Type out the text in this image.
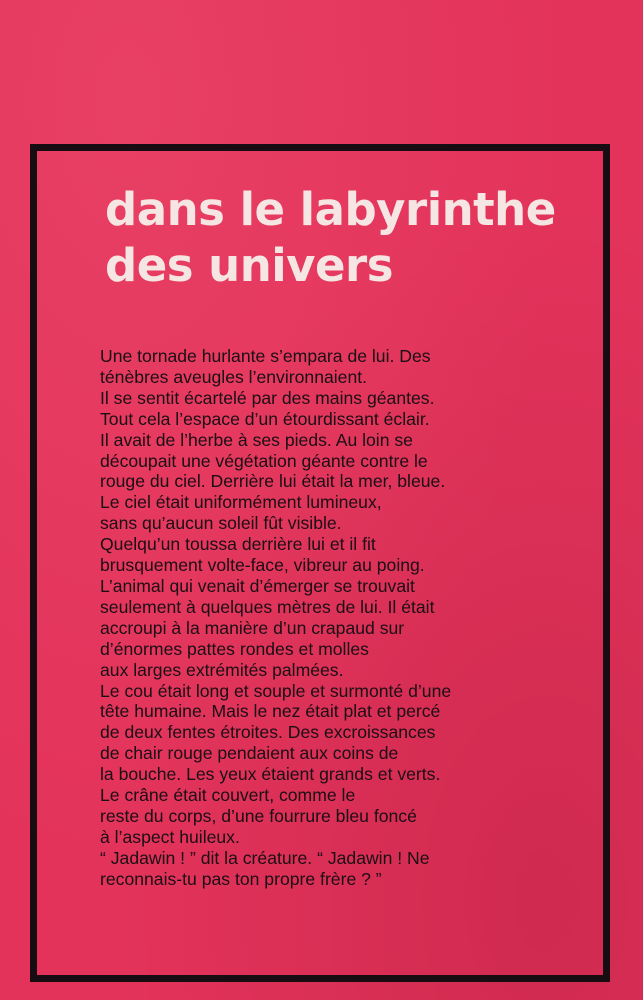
dans le labyrinthe
des univers
Une tornade hurlante s’empara de lui. Des
ténèbres aveugles l’environnaient.
Il se sentit écartelé par des mains géantes.
Tout cela l’espace d’un étourdissant éclair.
Il avait de l’herbe à ses pieds. Au loin se
découpait une végétation géante contre le
rouge du ciel. Derrière lui était la mer, bleue.
Le ciel était uniformément lumineux,
sans qu’aucun soleil fût visible.
Quelqu’un toussa derrière lui et il fit
brusquement volte-face, vibreur au poing.
L’animal qui venait d’émerger se trouvait
seulement à quelques mètres de lui. Il était
accroupi à la manière d’un crapaud sur
d’énormes pattes rondes et molles
aux larges extrémités palmées.
Le cou était long et souple et surmonté d’une
tête humaine. Mais le nez était plat et percé
de deux fentes étroites. Des excroissances
de chair rouge pendaient aux coins de
la bouche. Les yeux étaient grands et verts.
Le crâne était couvert, comme le
reste du corps, d’une fourrure bleu foncé
à l’aspect huileux.
“ Jadawin ! ” dit la créature. “ Jadawin ! Ne
reconnais-tu pas ton propre frère ? ”
